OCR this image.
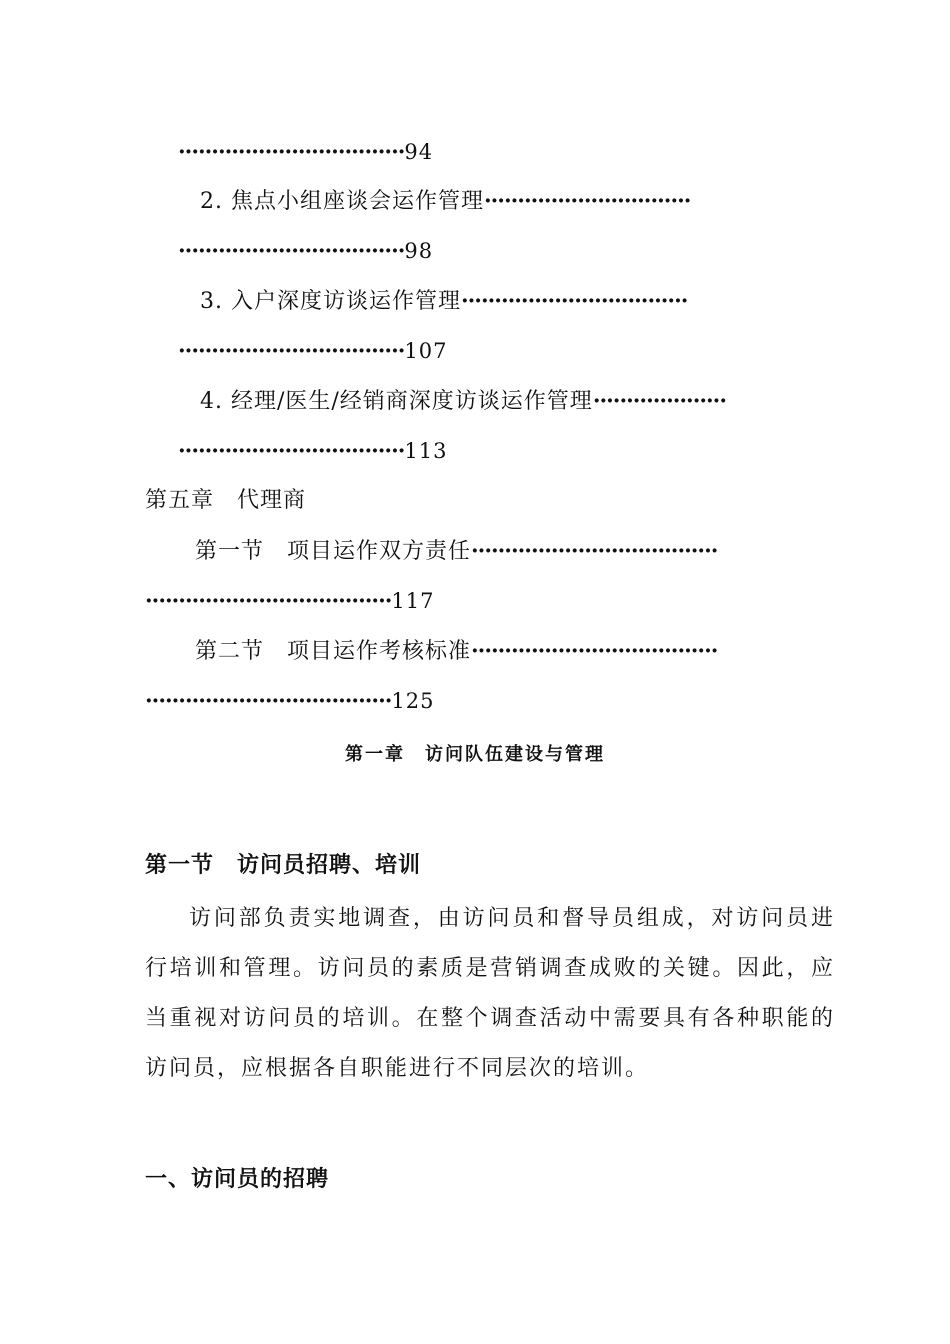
··································94
2. 焦点小组座谈会运作管理·······························
··································98
3. 入户深度访谈运作管理··································
··································107
4. 经理/医生/经销商深度访谈运作管理····················
··································113
第五章　代理商
第一节　项目运作双方责任·····································
·····································117
第二节　项目运作考核标准·····································
·····································125
第一章　访问队伍建设与管理
第一节　访问员招聘、培训
访问部负责实地调查，由访问员和督导员组成，对访问员进行培训和管理。访问员的素质是营销调查成败的关键。因此，应当重视对访问员的培训。在整个调查活动中需要具有各种职能的访问员，应根据各自职能进行不同层次的培训。
一、访问员的招聘
